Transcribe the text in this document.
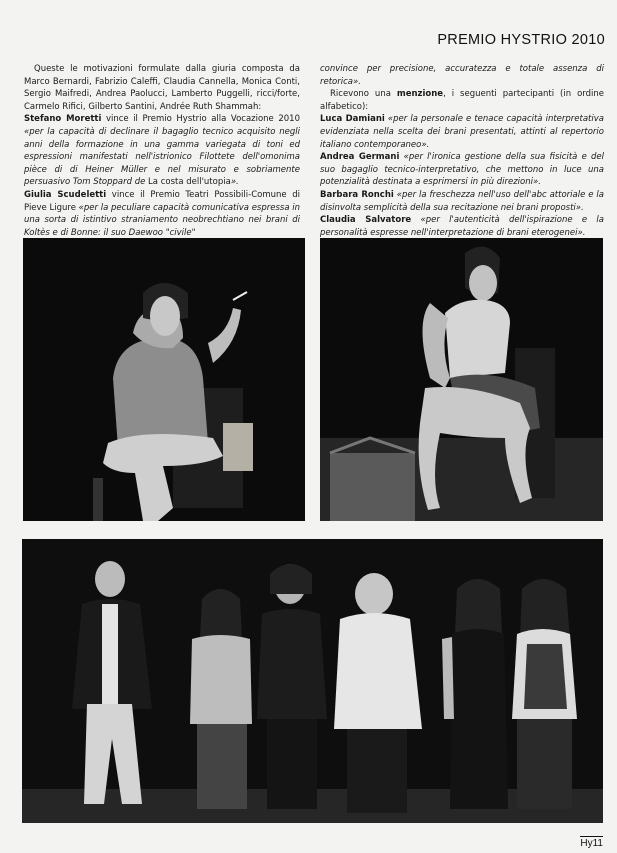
PREMIO HYSTRIO 2010

Queste le motivazioni formulate dalla giuria composta da Marco Bernardi, Fabrizio Caleffi, Claudia Cannella, Monica Conti, Sergio Maifredi, Andrea Paolucci, Lamberto Puggelli, ricci/forte, Carmelo Rifici, Gilberto Santini, Andrée Ruth Shammah:

Stefano Moretti vince il Premio Hystrio alla Vocazione 2010 «per la capacità di declinare il bagaglio tecnico acquisito negli anni della formazione in una gamma variegata di toni ed espressioni manifestati nell'istrionico Filottete dell'omonima pièce di di Heiner Müller e nel misurato e sobriamente persuasivo Tom Stoppard de La costa dell'utopia».

Giulia Scudeletti vince il Premio Teatri Possibili-Comune di Pieve Ligure «per la peculiare capacità comunicativa espressa in una sorta di istintivo straniamento neobrechtiano nei brani di Koltès e di Bonne: il suo Daewoo "civile"

convince per precisione, accuratezza e totale assenza di retorica».

Ricevono una menzione, i seguenti partecipanti (in ordine alfabetico):

Luca Damiani «per la personale e tenace capacità interpretativa evidenziata nella scelta dei brani presentati, attinti al repertorio italiano contemporaneo».

Andrea Germani «per l'ironica gestione della sua fisicità e del suo bagaglio tecnico-interpretativo, che mettono in luce una potenzialità destinata a esprimersi in più direzioni».

Barbara Ronchi «per la freschezza nell'uso dell'abc attoriale e la disinvolta semplicità della sua recitazione nei brani proposti».

Claudia Salvatore «per l'autenticità dell'ispirazione e la personalità espresse nell'interpretazione di brani eterogenei».

Hy11
